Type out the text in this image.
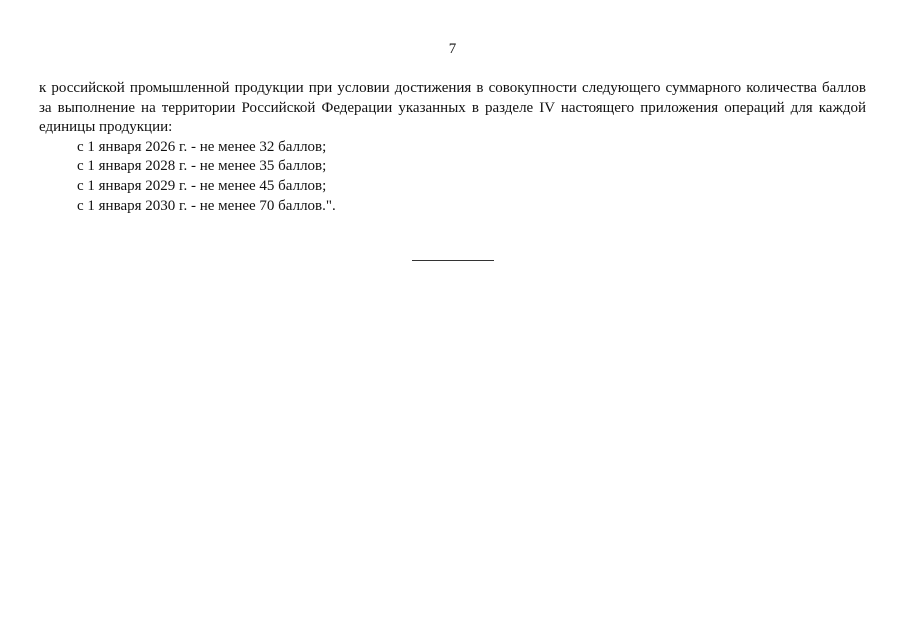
7

к российской промышленной продукции при условии достижения в совокупности следующего суммарного количества баллов за выполнение на территории Российской Федерации указанных в разделе IV настоящего приложения операций для каждой единицы продукции:

с 1 января 2026 г. - не менее 32 баллов;
с 1 января 2028 г. - не менее 35 баллов;
с 1 января 2029 г. - не менее 45 баллов;
с 1 января 2030 г. - не менее 70 баллов.".
